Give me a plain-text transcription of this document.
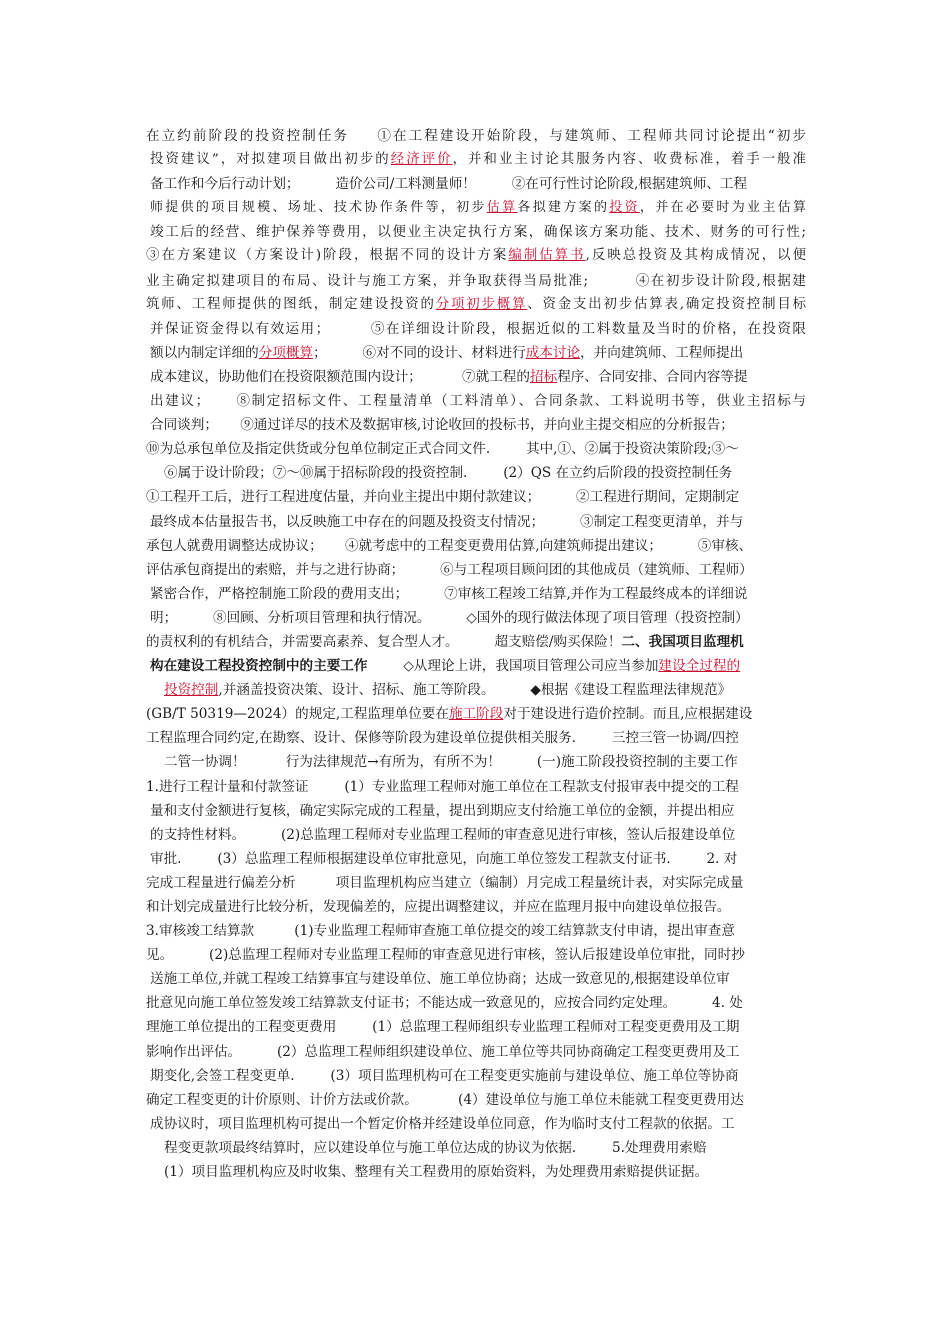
在立约前阶段的投资控制任务 　 ①在工程建设开始阶段，与建筑师、工程师共同讨论提出“初步
投资建议”，对拟建项目做出初步的经济评价，并和业主讨论其服务内容、收费标准，着手一般准
备工作和今后行动计划； 　 　造价公司/工料测量师！ 　 　②在可行性讨论阶段,根据建筑师、工程
师提供的项目规模、场址、技术协作条件等，初步估算各拟建方案的投资，并在必要时为业主估算
竣工后的经营、维护保养等费用，以便业主决定执行方案，确保该方案功能、技术、财务的可行性;
③在方案建议（方案设计)阶段，根据不同的设计方案编制估算书,反映总投资及其构成情况，以便
业主确定拟建项目的布局、设计与施工方案，并争取获得当局批准; 　 　 ④在初步设计阶段,根据建
筑师、工程师提供的图纸，制定建设投资的分项初步概算、资金支出初步估算表,确定投资控制目标
并保证资金得以有效运用； 　 　⑤在详细设计阶段，根据近似的工料数量及当时的价格，在投资限
额以内制定详细的分项概算； 　 　⑥对不同的设计、材料进行成本讨论，并向建筑师、工程师提出
成本建议，协助他们在投资限额范围内设计； 　 　 ⑦就工程的招标程序、合同安排、合同内容等提
出建议； 　 ⑧制定招标文件、工程量清单（工料清单）、合同条款、工料说明书等，供业主招标与
合同谈判； 　 ⑨通过详尽的技术及数据审核,讨论收回的投标书，并向业主提交相应的分析报告；
⑩为总承包单位及指定供货或分包单位制定正式合同文件. 　 　其中,①、②属于投资决策阶段;③～
⑥属于设计阶段；⑦～⑩属于招标阶段的投资控制. 　 　(2）QS 在立约后阶段的投资控制任务
①工程开工后，进行工程进度估量，并向业主提出中期付款建议； 　 　②工程进行期间，定期制定
最终成本估量报告书，以反映施工中存在的问题及投资支付情况； 　 　③制定工程变更清单，并与
承包人就费用调整达成协议； 　 ④就考虑中的工程变更费用估算,向建筑师提出建议； 　 　⑤审核、
评估承包商提出的索赔，并与之进行协商； 　 　⑥与工程项目顾问团的其他成员（建筑师、工程师）
紧密合作，严格控制施工阶段的费用支出； 　 　⑦审核工程竣工结算,并作为工程最终成本的详细说
明； 　 　⑧回顾、分析项目管理和执行情况。 　 　◇国外的现行做法体现了项目管理（投资控制）
的责权利的有机结合，并需要高素养、复合型人才。 　 　超支赔偿/购买保险！二、我国项目监理机
构在建设工程投资控制中的主要工作 　 　◇从理论上讲，我国项目管理公司应当参加建设全过程的
投资控制,并涵盖投资决策、设计、招标、施工等阶段。 　 　◆根据《建设工程监理法律规范》
(GB/T 50319—2024）的规定,工程监理单位要在施工阶段对于建设进行造价控制。而且,应根据建设
工程监理合同约定,在勘察、设计、保修等阶段为建设单位提供相关服务. 　 　三控三管一协调/四控
二管一协调！ 　 　 行为法律规范→有所为，有所不为！ 　 　(一)施工阶段投资控制的主要工作
1.进行工程计量和付款签证 　 　(1）专业监理工程师对施工单位在工程款支付报审表中提交的工程
量和支付金额进行复核，确定实际完成的工程量，提出到期应支付给施工单位的金额，并提出相应
的支持性材料。 　 　(2)总监理工程师对专业监理工程师的审查意见进行审核，签认后报建设单位
审批. 　 　(3）总监理工程师根据建设单位审批意见，向施工单位签发工程款支付证书. 　 　2. 对
完成工程量进行偏差分析 　 　 项目监理机构应当建立（编制）月完成工程量统计表，对实际完成量
和计划完成量进行比较分析，发现偏差的，应提出调整建议，并应在监理月报中向建设单位报告。
3.审核竣工结算款 　 　 (1)专业监理工程师审查施工单位提交的竣工结算款支付申请，提出审查意
见。 　 　(2)总监理工程师对专业监理工程师的审查意见进行审核，签认后报建设单位审批，同时抄
送施工单位,并就工程竣工结算事宜与建设单位、施工单位协商；达成一致意见的,根据建设单位审
批意见向施工单位签发竣工结算款支付证书；不能达成一致意见的，应按合同约定处理。 　 　4. 处
理施工单位提出的工程变更费用 　 　(1）总监理工程师组织专业监理工程师对工程变更费用及工期
影响作出评估。 　 　(2）总监理工程师组织建设单位、施工单位等共同协商确定工程变更费用及工
期变化,会签工程变更单. 　 　(3）项目监理机构可在工程变更实施前与建设单位、施工单位等协商
确定工程变更的计价原则、计价方法或价款。 　 　 (4）建设单位与施工单位未能就工程变更费用达
成协议时，项目监理机构可提出一个暂定价格并经建设单位同意，作为临时支付工程款的依据。工
程变更款项最终结算时，应以建设单位与施工单位达成的协议为依据. 　 　5.处理费用索赔
(1）项目监理机构应及时收集、整理有关工程费用的原始资料，为处理费用索赔提供证据。
